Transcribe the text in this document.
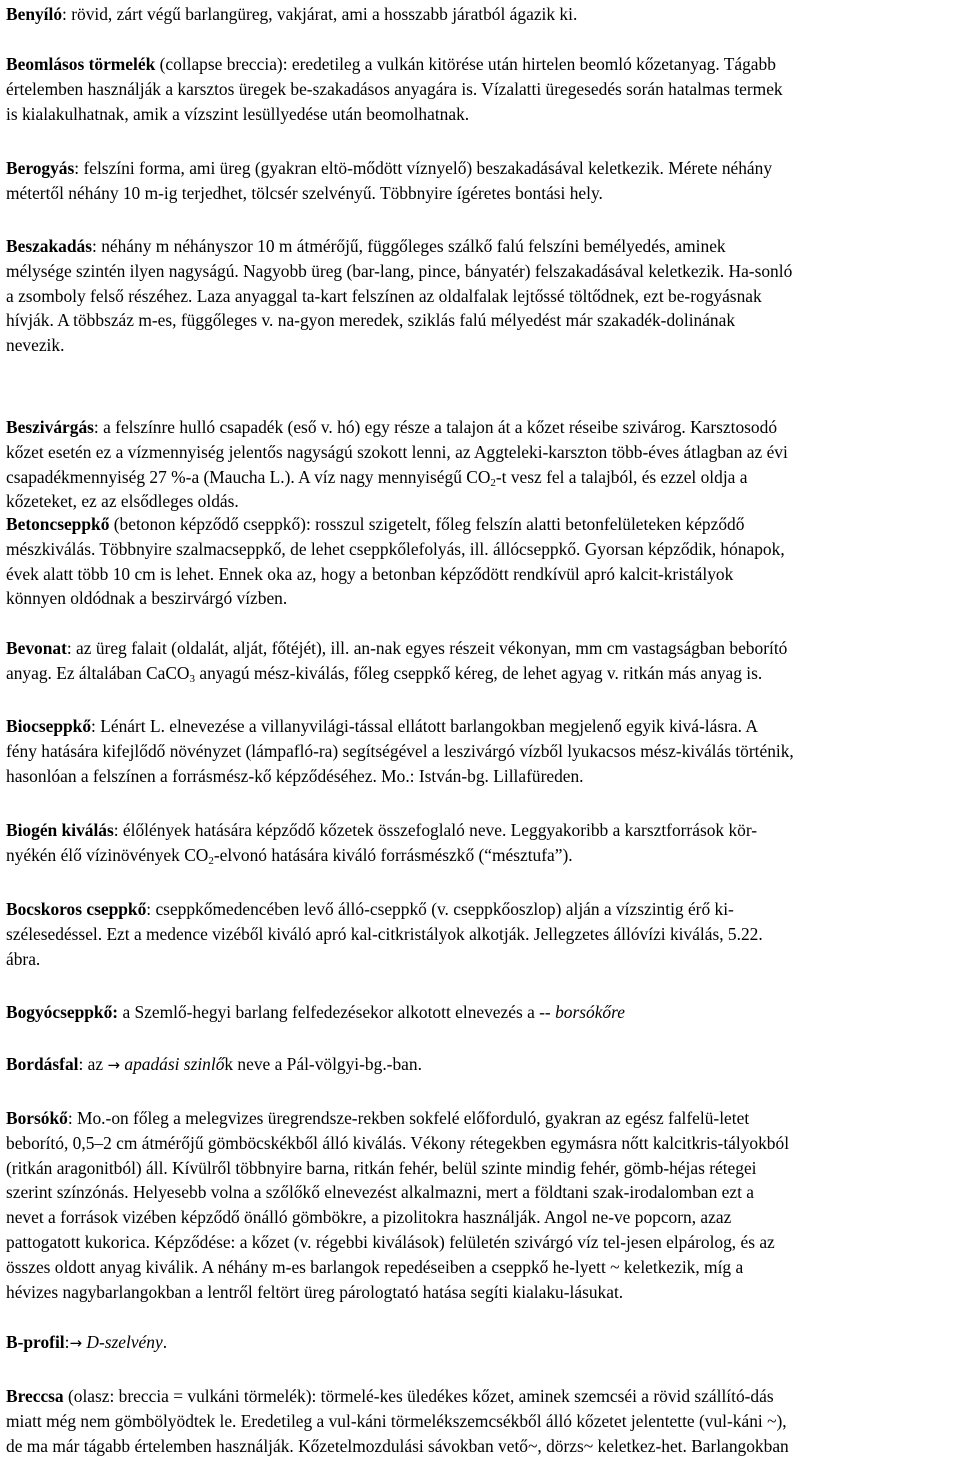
Benyíló: rövid, zárt végű barlangüreg, vakjárat, ami a hosszabb járatból ágazik ki.

Beomlásos törmelék (collapse breccia): eredetileg a vulkán kitörése után hirtelen beomló kőzetanyag. Tágabb
értelemben használják a karsztos üregek be-szakadásos anyagára is. Vízalatti üregesedés során hatalmas termek
is kialakulhatnak, amik a vízszint lesüllyedése után beomolhatnak.

Berogyás: felszíni forma, ami üreg (gyakran eltö-mődött víznyelő) beszakadásával keletkezik. Mérete néhány
métertől néhány 10 m-ig terjedhet, tölcsér szelvényű. Többnyire ígéretes bontási hely.

Beszakadás: néhány m néhányszor 10 m átmérőjű, függőleges szálkő falú felszíni bemélyedés, aminek
mélysége szintén ilyen nagyságú. Nagyobb üreg (bar-lang, pince, bányatér) felszakadásával keletkezik. Ha-sonló
a zsomboly felső részéhez. Laza anyaggal ta-kart felszínen az oldalfalak lejtőssé töltődnek, ezt be-rogyásnak
hívják. A többszáz m-es, függőleges v. na-gyon meredek, sziklás falú mélyedést már szakadék-dolinának
nevezik.

Beszivárgás: a felszínre hulló csapadék (eső v. hó) egy része a talajon át a kőzet réseibe szivárog. Karsztosodó
kőzet esetén ez a vízmennyiség jelentős nagyságú szokott lenni, az Aggteleki-karszton több-éves átlagban az évi
csapadékmennyiség 27 %-a (Maucha L.). A víz nagy mennyiségű $CO_2-t$ vesz fel a talajból, és ezzel oldja a
kőzeteket, ez az elsődleges oldás.

Betoncseppkő (betonon képződő cseppkő): rosszul szigetelt, főleg felszín alatti betonfelületeken képződő
mészkiválás. Többnyire szalmacseppkő, de lehet cseppkőlefolyás, ill. állócseppkő. Gyorsan képződik, hónapok,
évek alatt több 10 cm is lehet. Ennek oka az, hogy a betonban képződött rendkívül apró kalcit-kristályok
könnyen oldódnak a beszirvárgó vízben.

Bevonat: az üreg falait (oldalát, alját, főtéjét), ill. an-nak egyes részeit vékonyan, mm cm vastagságban beborító
anyag. Ez általában CaCO$_3$ anyagú mész-kiválás, főleg cseppkő kéreg, de lehet agyag v. ritkán más anyag is.

Biocseppkő: Lénárt L. elnevezése a villanyvilági-tással ellátott barlangokban megjelenő egyik kivá-lásra. A
fény hatására kifejlődő növényzet (lámpafló-ra) segítségével a leszivárgó vízből lyukacsos mész-kiválás történik,
hasonlóan a felszínen a forrásmész-kő képződéséhez. Mo.: István-bg. Lillafüreden.

Biogén kiválás: élőlények hatására képződő kőzetek összefoglaló neve. Leggyakoribb a karsztforrások kör-
nyékén élő vízinövények $CO_2$-elvonó hatására kiváló forrásmészkő (“mésztufa”).

Bocskoros cseppkő: cseppkőmedencében levő álló-cseppkő (v. cseppkőoszlop) alján a vízszintig érő ki-
szélesedéssel. Ezt a medence vizéből kiváló apró kal-citkristályok alkotják. Jellegzetes állóvízi kiválás, 5.22.
ábra.

Bogyócseppkő: a Szemlő-hegyi barlang felfedezésekor alkotott elnevezés a -- borsókőre

Bordásfal: az → apadási szinlők neve a Pál-völgyi-bg.-ban.

Borsókő: Mo.-on főleg a melegvizes üregrendsze-rekben sokfelé előforduló, gyakran az egész falfelü-letet
beborító, 0,5–2 cm átmérőjű gömböcskékből álló kiválás. Vékony rétegekben egymásra nőtt kalcitkris-tályokból
(ritkán aragonitból) áll. Kívülről többnyire barna, ritkán fehér, belül szinte mindig fehér, gömb-héjas rétegei
szerint színzónás. Helyesebb volna a szőlőkő elnevezést alkalmazni, mert a földtani szak-irodalomban ezt a
nevet a források vizében képződő önálló gömbökre, a pizolitokra használják. Angol ne-ve popcorn, azaz
pattogatott kukorica. Képződése: a kőzet (v. régebbi kiválások) felületén szivárgó víz tel-jesen elpárolog, és az
összes oldott anyag kiválik. A néhány m-es barlangok repedéseiben a cseppkő he-lyett ~ keletkezik, míg a
hévizes nagybarlangokban a lentről feltört üreg párologtató hatása segíti kialaku-lásukat.

B-profil:→ D-szelvény.

Breccsa (olasz: breccia = vulkáni törmelék): törmelé-kes üledékes kőzet, aminek szemcséi a rövid szállító-dás
miatt még nem gömbölyödtek le. Eredetileg a vul-káni törmelékszemcsékből álló kőzetet jelentette (vul-káni ~),
de ma már tágabb értelemben használják. Kőzetelmozdulási sávokban vető~, dörzs~ keletkez-het. Barlangokban
